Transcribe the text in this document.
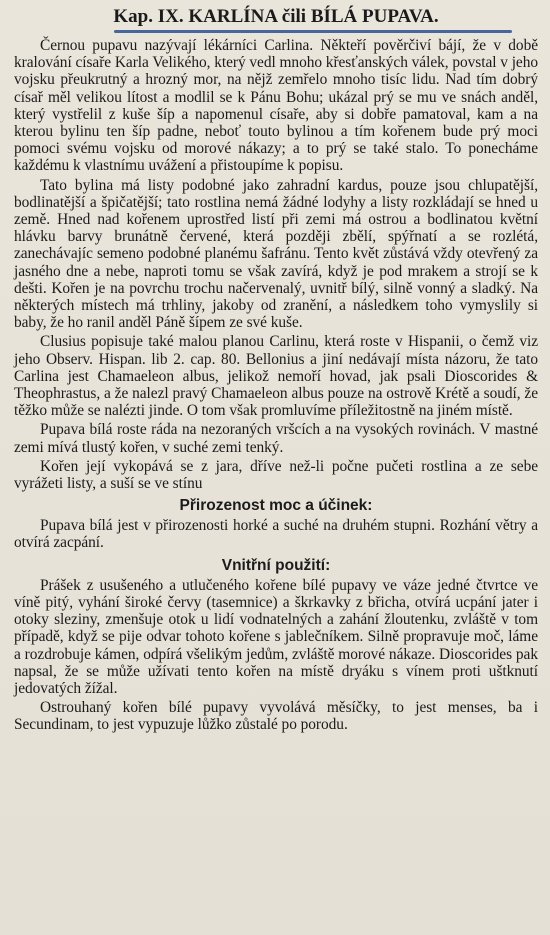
Kap. IX. KARLÍNA čili BÍLÁ PUPAVA.

Černou pupavu nazývají lékárníci Carlina. Někteří pověrčiví bájí, že v době kralování císaře Karla Velikého, který vedl mnoho křesťanských válek, povstal v jeho vojsku přeukrutný a hrozný mor, na nějž zemřelo mnoho tisíc lidu. Nad tím dobrý císař měl velikou lítost a modlil se k Pánu Bohu; ukázal prý se mu ve snách anděl, který vystřelil z kuše šíp a napomenul císaře, aby si dobře pamatoval, kam a na kterou bylinu ten šíp padne, neboť touto bylinou a tím kořenem bude prý moci pomoci svému vojsku od morové nákazy; a to prý se také stalo. To ponecháme každému k vlastnímu uvážení a přistoupíme k popisu.

Tato bylina má listy podobné jako zahradní kardus, pouze jsou chlupatější, bodlinatější a špičatější; tato rostlina nemá žádné lodyhy a listy rozkládají se hned u země. Hned nad kořenem uprostřed listí při zemi má ostrou a bodlinatou květní hlávku barvy brunátně červené, která později zbělí, spýřnatí a se rozlétá, zanechávajíc semeno podobné planému šafránu. Tento květ zůstává vždy otevřený za jasného dne a nebe, naproti tomu se však zavírá, když je pod mrakem a strojí se k dešti. Kořen je na povrchu trochu načervenalý, uvnitř bílý, silně vonný a sladký. Na některých místech má trhliny, jakoby od zranění, a následkem toho vymyslily si baby, že ho ranil anděl Páně šípem ze své kuše.

Clusius popisuje také malou planou Carlinu, která roste v Hispanii, o čemž viz jeho Observ. Hispan. lib 2. cap. 80. Bellonius a jiní nedávají místa názoru, že tato Carlina jest Chamaeleon albus, jelikož nemoří hovad, jak psali Dioscorides & Theophrastus, a že nalezl pravý Chamaeleon albus pouze na ostrově Krétě a soudí, že těžko může se nalézti jinde. O tom však promluvíme příležitostně na jiném místě.

Pupava bílá roste ráda na nezoraných vršcích a na vysokých rovinách. V mastné zemi mívá tlustý kořen, v suché zemi tenký.

Kořen její vykopává se z jara, dříve než-li počne pučeti rostlina a ze sebe vyrážeti listy, a suší se ve stínu

Přirozenost moc a účinek:

Pupava bílá jest v přirozenosti horké a suché na druhém stupni. Rozhání větry a otvírá zacpání.

Vnitřní použití:

Prášek z usušeného a utlučeného kořene bílé pupavy ve váze jedné čtvrtce ve víně pitý, vyhání široké červy (tasemnice) a škrkavky z břicha, otvírá ucpání jater i otoky sleziny, zmenšuje otok u lidí vodnatelných a zahání žloutenku, zvláště v tom případě, když se pije odvar tohoto kořene s jablečníkem. Silně propravuje moč, láme a rozdrobuje kámen, odpírá všelikým jedům, zvláště morové nákaze. Dioscorides pak napsal, že se může užívati tento kořen na místě dryáku s vínem proti uštknutí jedovatých žížal.

Ostrouhaný kořen bílé pupavy vyvolává měsíčky, to jest menses, ba i Secundinam, to jest vypuzuje lůžko zůstalé po porodu.
